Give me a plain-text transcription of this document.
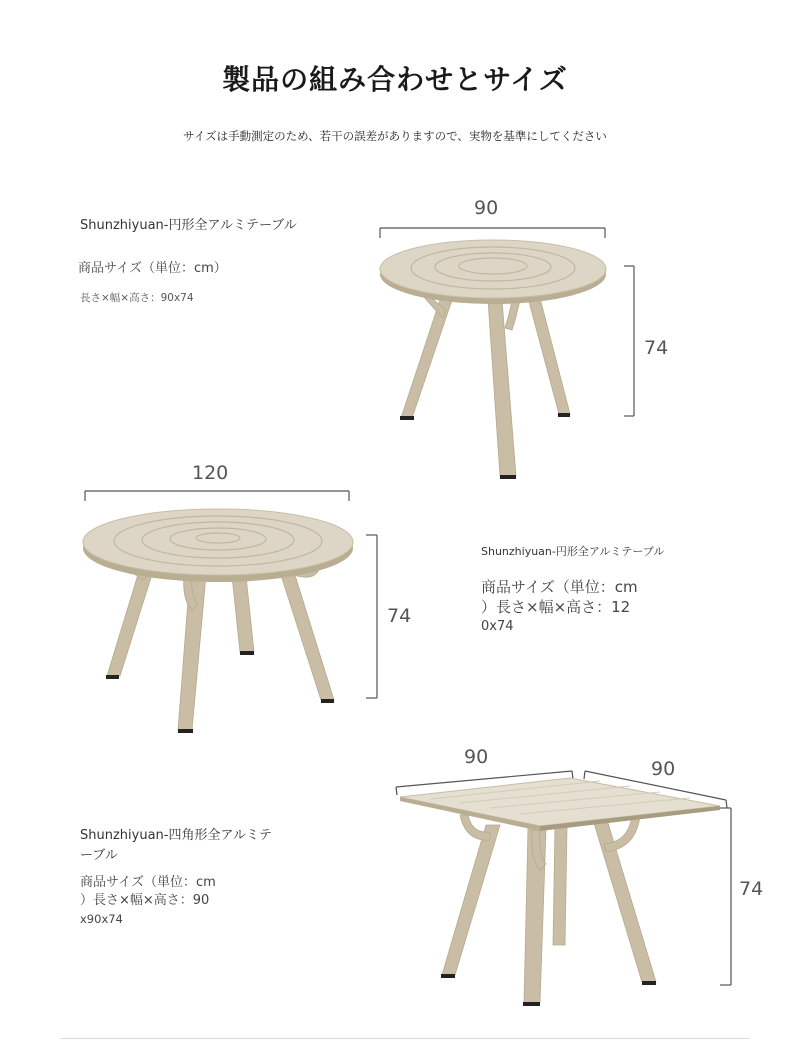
製品の組み合わせとサイズ
サイズは手動測定のため、若干の誤差がありますので、実物を基準にしてください
Shunzhiyuan-円形全アルミテーブル
商品サイズ（単位：cm）
長さ×幅×高さ：90x74
90
74
120
74
Shunzhiyuan-円形全アルミテーブル
商品サイズ（単位：cm
）長さ×幅×高さ：12
0x74
90
90
74
Shunzhiyuan-四角形全アルミテ
ーブル
商品サイズ（単位：cm
）長さ×幅×高さ：90
x90x74
